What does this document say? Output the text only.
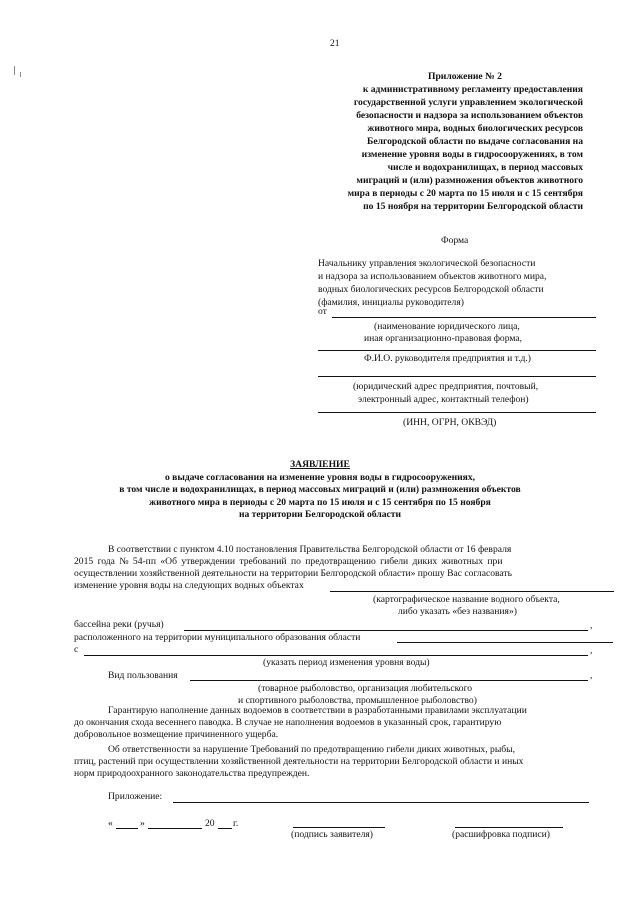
21
Приложение № 2
к административному регламенту предоставления
государственной услуги управлением экологической
безопасности и надзора за использованием объектов
животного мира, водных биологических ресурсов
Белгородской области по выдаче согласования на
изменение уровня воды в гидросооружениях, в том
числе и водохранилищах, в период массовых
миграций и (или) размножения объектов животного
мира в периоды с 20 марта по 15 июля и с 15 сентября
по 15 ноября на территории Белгородской области
Форма
Начальнику управления экологической безопасности
и надзора за использованием объектов животного мира,
водных биологических ресурсов Белгородской области
(фамилия, инициалы руководителя)
от
(наименование юридического лица,
иная организационно-правовая форма,
Ф.И.О. руководителя предприятия и т.д.)
(юридический адрес предприятия, почтовый,
электронный адрес, контактный телефон)
(ИНН, ОГРН, ОКВЭД)
ЗАЯВЛЕНИЕ
о выдаче согласования на изменение уровня воды в гидросооружениях,
в том числе и водохранилищах, в период массовых миграций и (или) размножения объектов
животного мира в периоды с 20 марта по 15 июля и с 15 сентября по 15 ноября
на территории Белгородской области
В соответствии с пунктом 4.10 постановления Правительства Белгородской области от 16 февраля
2015 года № 54-пп «Об утверждении требований по предотвращению гибели диких животных при
осуществлении хозяйственной деятельности на территории Белгородской области» прошу Вас согласовать
изменение уровня воды на следующих водных объектах
(картографическое название водного объекта,
либо указать «без названия»)
бассейна реки (ручья)	,
расположенного на территории муниципального образования области
с	,
(указать период изменения уровня воды)
Вид пользования	,
(товарное рыболовство, организация любительского
и спортивного рыболовства, промышленное рыболовство)
Гарантирую наполнение данных водоемов в соответствии в разработанными правилами эксплуатации
до окончания схода весеннего паводка. В случае не наполнения водоемов в указанный срок, гарантирую
добровольное возмещение причиненного ущерба.
Об ответственности за нарушение Требований по предотвращению гибели диких животных, рыбы,
птиц, растений при осуществлении хозяйственной деятельности на территории Белгородской области и иных
норм природоохранного законодательства предупрежден.
Приложение:
«	»	20 г.
(подпись заявителя)	(расшифровка подписи)
